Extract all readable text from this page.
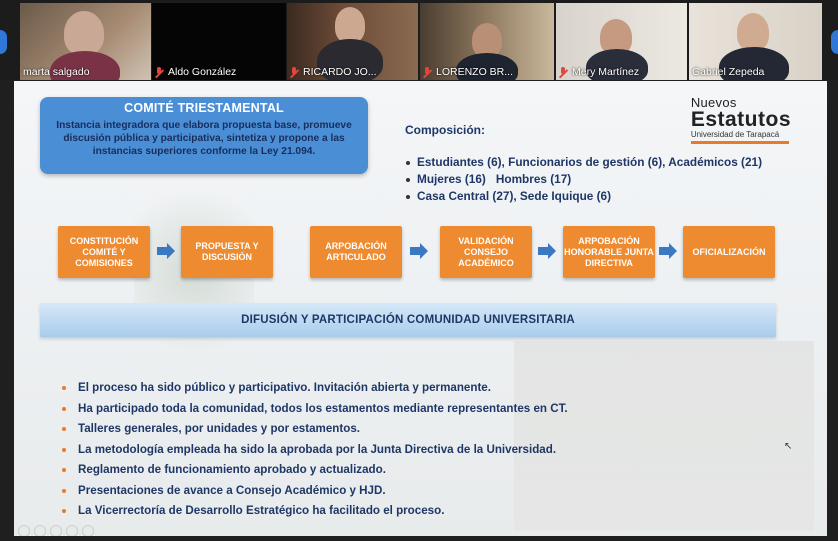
marta salgado	Aldo González	RICARDO JO...	LORENZO BR...	Mery Martínez	Gabriel Zepeda
COMITÉ TRIESTAMENTAL
Instancia integradora que elabora propuesta base, promueve discusión pública y participativa, sintetiza y propone a las instancias superiores conforme la Ley 21.094.
Nuevos
Estatutos
Universidad de Tarapacá
Composición:
Estudiantes (6), Funcionarios de gestión (6), Académicos (21)
Mujeres (16) Hombres (17)
Casa Central (27), Sede Iquique (6)
CONSTITUCIÓN COMITÉ Y COMISIONES
PROPUESTA Y DISCUSIÓN
ARPOBACIÓN ARTICULADO
VALIDACIÓN CONSEJO ACADÉMICO
ARPOBACIÓN HONORABLE JUNTA DIRECTIVA
OFICIALIZACIÓN
DIFUSIÓN Y PARTICIPACIÓN COMUNIDAD UNIVERSITARIA
El proceso ha sido público y participativo. Invitación abierta y permanente.
Ha participado toda la comunidad, todos los estamentos mediante representantes en CT.
Talleres generales, por unidades y por estamentos.
La metodología empleada ha sido la aprobada por la Junta Directiva de la Universidad.
Reglamento de funcionamiento aprobado y actualizado.
Presentaciones de avance a Consejo Académico y HJD.
La Vicerrectoría de Desarrollo Estratégico ha facilitado el proceso.
↖
